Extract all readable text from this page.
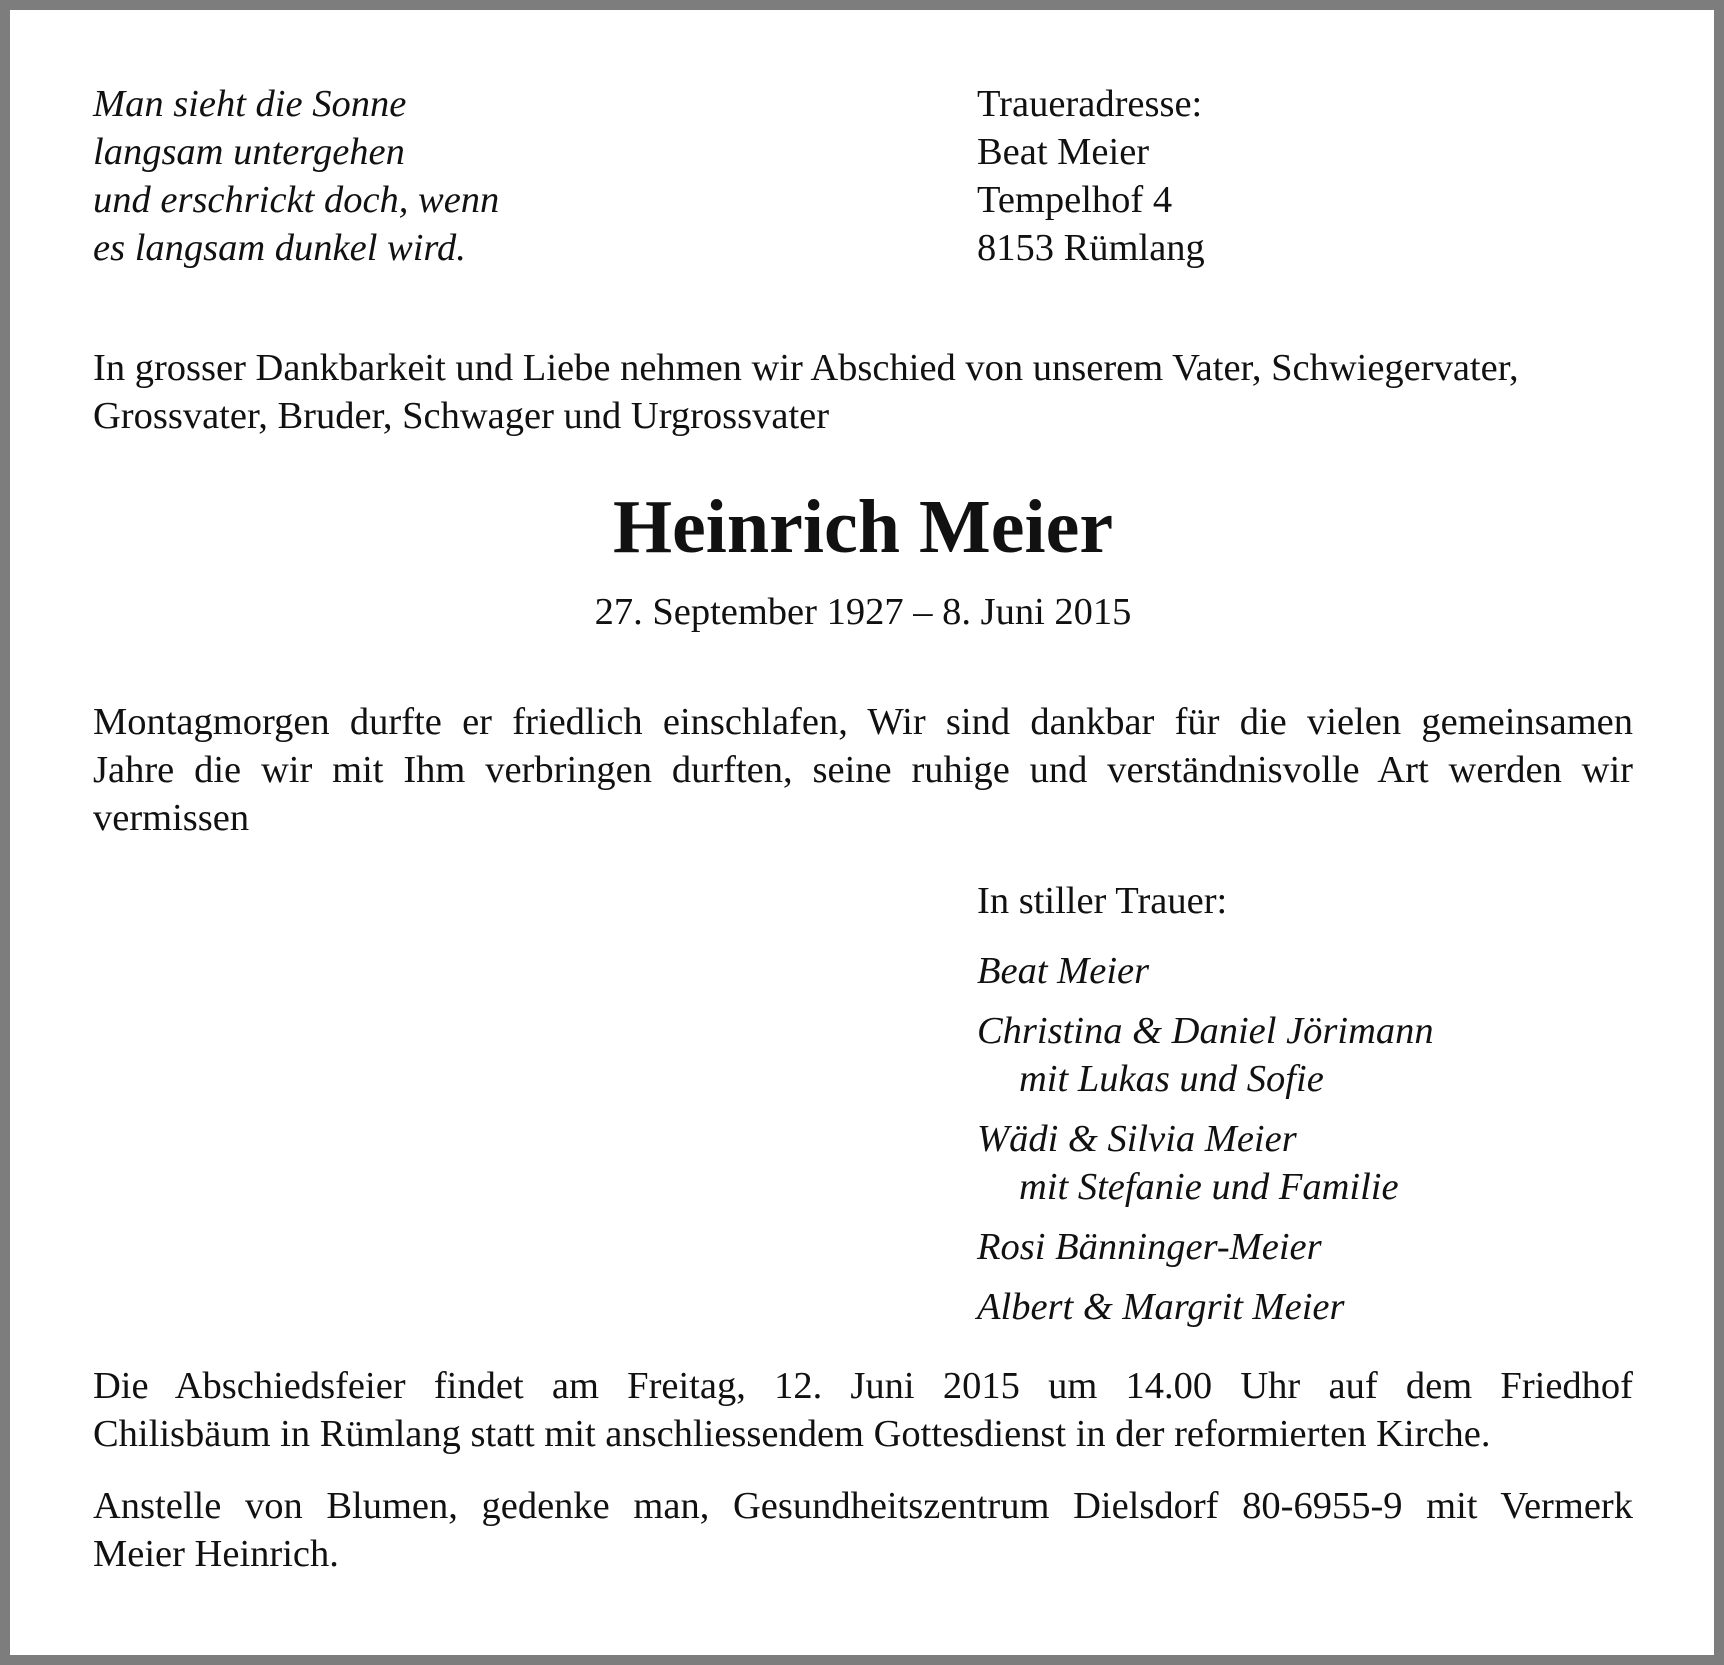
Man sieht die Sonne
langsam untergehen
und erschrickt doch, wenn
es langsam dunkel wird.
Traueradresse:
Beat Meier
Tempelhof 4
8153 Rümlang
In grosser Dankbarkeit und Liebe nehmen wir Abschied von unserem Vater, Schwiegervater,
Grossvater, Bruder, Schwager und Urgrossvater
Heinrich Meier
27. September 1927 – 8. Juni 2015
Montagmorgen durfte er friedlich einschlafen, Wir sind dankbar für die vielen gemeinsamen
Jahre die wir mit Ihm verbringen durften, seine ruhige und verständnisvolle Art werden wir
vermissen
In stiller Trauer:
Beat Meier
Christina & Daniel Jörimann
mit Lukas und Sofie
Wädi & Silvia Meier
mit Stefanie und Familie
Rosi Bänninger-Meier
Albert & Margrit Meier
Die Abschiedsfeier findet am Freitag, 12. Juni 2015 um 14.00 Uhr auf dem Friedhof
Chilisbäum in Rümlang statt mit anschliessendem Gottesdienst in der reformierten Kirche.
Anstelle von Blumen, gedenke man, Gesundheitszentrum Dielsdorf 80-6955-9 mit Vermerk
Meier Heinrich.
